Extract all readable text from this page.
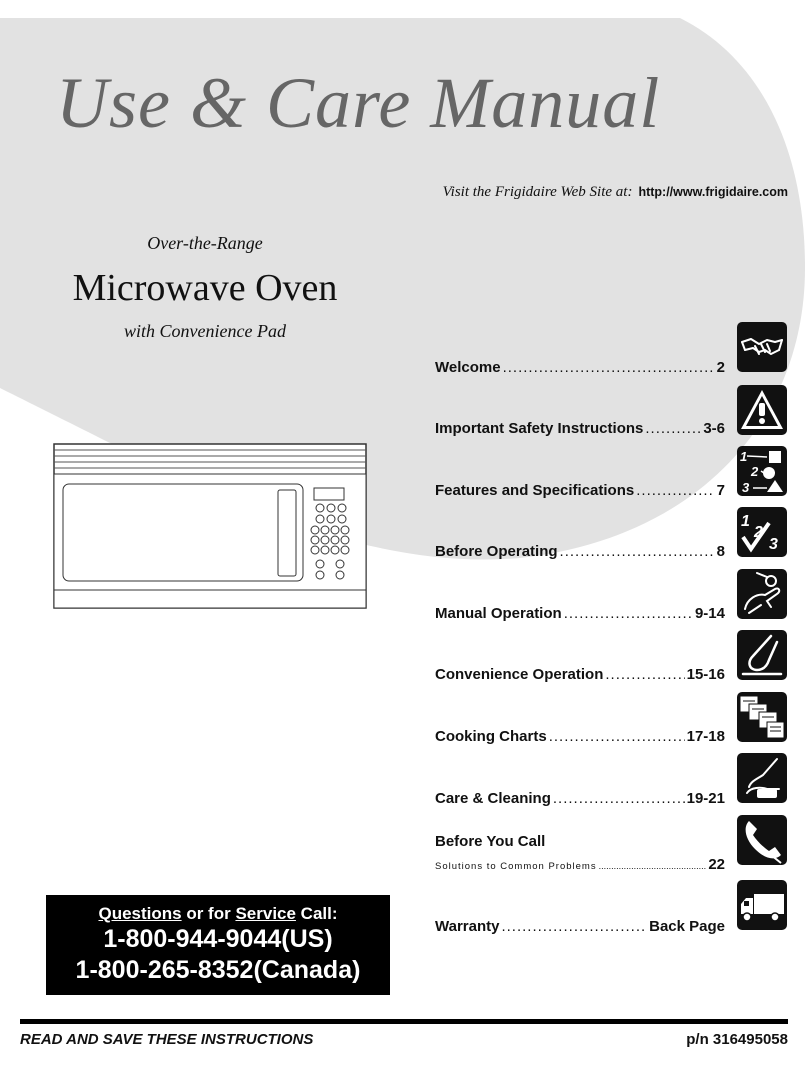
Use & Care Manual
Visit the Frigidaire Web Site at: http://www.frigidaire.com
Over-the-Range
Microwave Oven
with Convenience Pad
Welcome .....	2
Important Safety Instructions .....	3-6
Features and Specifications .....	7
Before Operating .....	8
Manual Operation .....	9-14
Convenience Operation .....	15-16
Cooking Charts .....	17-18
Care & Cleaning .....	19-21
Before You Call
Solutions to Common Problems .....	22
Warranty .....	Back Page
1
2
3
1
2
3
Questions or for Service Call:
1-800-944-9044(US)
1-800-265-8352(Canada)
READ AND SAVE THESE INSTRUCTIONS	p/n 316495058
